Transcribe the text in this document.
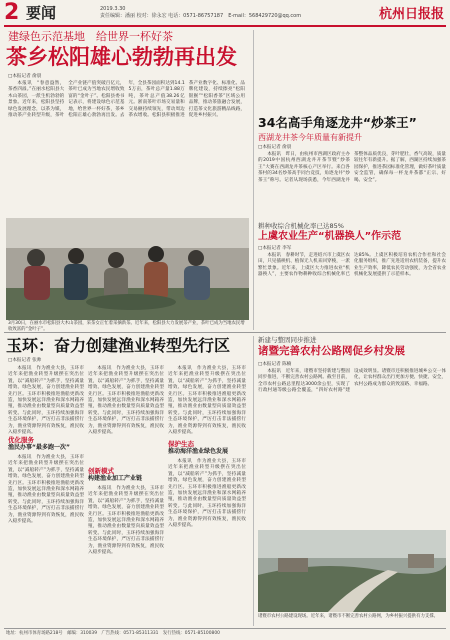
2 要闻	2019.3.30
责任编辑：潘丽 校对：徐永宏 电话：0571-86757187　 E-mail：568429720@qq.com	杭州日报报
建绿色示范基地　给世界一杯好茶
茶乡松阳雄心勃勃再出发
□本报记者 俞晨
本报讯　“春意盎然，茶香四溢。”在丽水松阳县大木山茶园，一派生机勃勃的景象。近年来，松阳县坚持绿色发展理念，以茶为媒，推动茶产业转型升级，茶叶全产业链产值突破百亿元，茶叶已成为当地农民增收致富的“金叶子”。松阳县委书记表示，将建设绿色示范基地，给世界一杯好茶，茶乡松阳正雄心勃勃再出发。去年，全县茶园面积达到14.15万亩，茶叶总产量1.88万吨，茶叶总产值38.26亿元。浙南茶叶市场交易量和交易额持续领先，带动周边茶农增收。松阳县积极推进茶产业数字化、标准化、品牌化建设，持续擦亮“松阳银猴”“松阳香茶”区域公用品牌，推动茶旅融合发展，打造茶文化旅游精品线路，促进乡村振兴。
3月30日，在丽水市松阳县大木山茶园，采茶女正忙着采摘新茶。近年来，松阳县大力发展茶产业，茶叶已成为当地农民增收致富的“金叶子”。
34名高手角逐龙井“炒茶王”
西湖龙井茶今年质量有新提升
□本报记者 俞晨
本报讯　昨日，由杭州市西湖区政府主办的2019中国杭州西湖龙井开茶节暨“炒茶王”大赛在西湖龙井茶核心产区举行。来自各茶村的34名炒茶高手同台竞技，角逐龙井“炒茶王”称号。记者从现场获悉，今年西湖龙井茶整体品质优良，芽叶肥壮，香气高锐，质量较往年有新提升。据了解，西湖区持续加强茶园保护，推进茶园标准化管理，做好茶叶质量安全监管，确保每一杯龙井茶都“正宗、好喝、安全”。
耕种收综合机械化率已达85%
上虞农业生产“机器换人”作示范
□本报记者 李军
本报讯　春耕时节，走进绍兴市上虞区农田，只见插秧机、植保无人机来回穿梭，一派繁忙景象。近年来，上虞区大力推进农业“机器换人”，主要农作物耕种收综合机械化率已达85%。上虞区积极培育农机合作社和社会化服务组织，推广先进适用农机装备，提升农业生产效率，降低农民劳动强度，为全省农业机械化发展提供了示范样本。
玉环：奋力创建渔业转型先行区
□本报记者 张帅
本报讯　作为渔业大县，玉环市近年来把渔业转型升级摆在突出位置，以“减船转产”为抓手，坚持减量增效、绿色发展，奋力创建渔业转型先行区。玉环市积极推进渔船更新改造，加快发展远洋渔业和深水网箱养殖，推动渔业由数量型向质量效益型转变。与此同时，玉环持续加强海洋生态环境保护，严厉打击非法捕捞行为，渔业资源得到有效恢复，渔民收入稳步提高。
优化服务
渔民办事“最多跑一次”
本报讯　作为渔业大县，玉环市近年来把渔业转型升级摆在突出位置，以“减船转产”为抓手，坚持减量增效、绿色发展，奋力创建渔业转型先行区。玉环市积极推进渔船更新改造，加快发展远洋渔业和深水网箱养殖，推动渔业由数量型向质量效益型转变。与此同时，玉环持续加强海洋生态环境保护，严厉打击非法捕捞行为，渔业资源得到有效恢复，渔民收入稳步提高。
本报讯　作为渔业大县，玉环市近年来把渔业转型升级摆在突出位置，以“减船转产”为抓手，坚持减量增效、绿色发展，奋力创建渔业转型先行区。玉环市积极推进渔船更新改造，加快发展远洋渔业和深水网箱养殖，推动渔业由数量型向质量效益型转变。与此同时，玉环持续加强海洋生态环境保护，严厉打击非法捕捞行为，渔业资源得到有效恢复，渔民收入稳步提高。
创新模式
构建渔业加工产业链
本报讯　作为渔业大县，玉环市近年来把渔业转型升级摆在突出位置，以“减船转产”为抓手，坚持减量增效、绿色发展，奋力创建渔业转型先行区。玉环市积极推进渔船更新改造，加快发展远洋渔业和深水网箱养殖，推动渔业由数量型向质量效益型转变。与此同时，玉环持续加强海洋生态环境保护，严厉打击非法捕捞行为，渔业资源得到有效恢复，渔民收入稳步提高。
本报讯　作为渔业大县，玉环市近年来把渔业转型升级摆在突出位置，以“减船转产”为抓手，坚持减量增效、绿色发展，奋力创建渔业转型先行区。玉环市积极推进渔船更新改造，加快发展远洋渔业和深水网箱养殖，推动渔业由数量型向质量效益型转变。与此同时，玉环持续加强海洋生态环境保护，严厉打击非法捕捞行为，渔业资源得到有效恢复，渔民收入稳步提高。
保护生态
推动海洋渔业绿色发展
本报讯　作为渔业大县，玉环市近年来把渔业转型升级摆在突出位置，以“减船转产”为抓手，坚持减量增效、绿色发展，奋力创建渔业转型先行区。玉环市积极推进渔船更新改造，加快发展远洋渔业和深水网箱养殖，推动渔业由数量型向质量效益型转变。与此同时，玉环持续加强海洋生态环境保护，严厉打击非法捕捞行为，渔业资源得到有效恢复，渔民收入稳步提高。
新建与整固同步推进
诸暨完善农村公路网促乡村发展
□本报记者 陈楠
本报讯　近年来，诸暨市坚持新建与整固同步推进，不断完善农村公路网。截至目前，全市农村公路总里程达3000余公里，实现了行政村通等级公路全覆盖，“四好农村路”建设成效明显。诸暨市还积极推进城乡公交一体化，让农村群众出行更加方便、快捷、安全，农村公路成为群众的致富路、幸福路。
诸暨市农村公路建设现场。近年来，诸暨市不断完善农村公路网，为乡村振兴提供有力支撑。
地址：杭州市体育场路218号　邮编：310039　广告热线：0571-85311331　发行热线：0571-85100800
